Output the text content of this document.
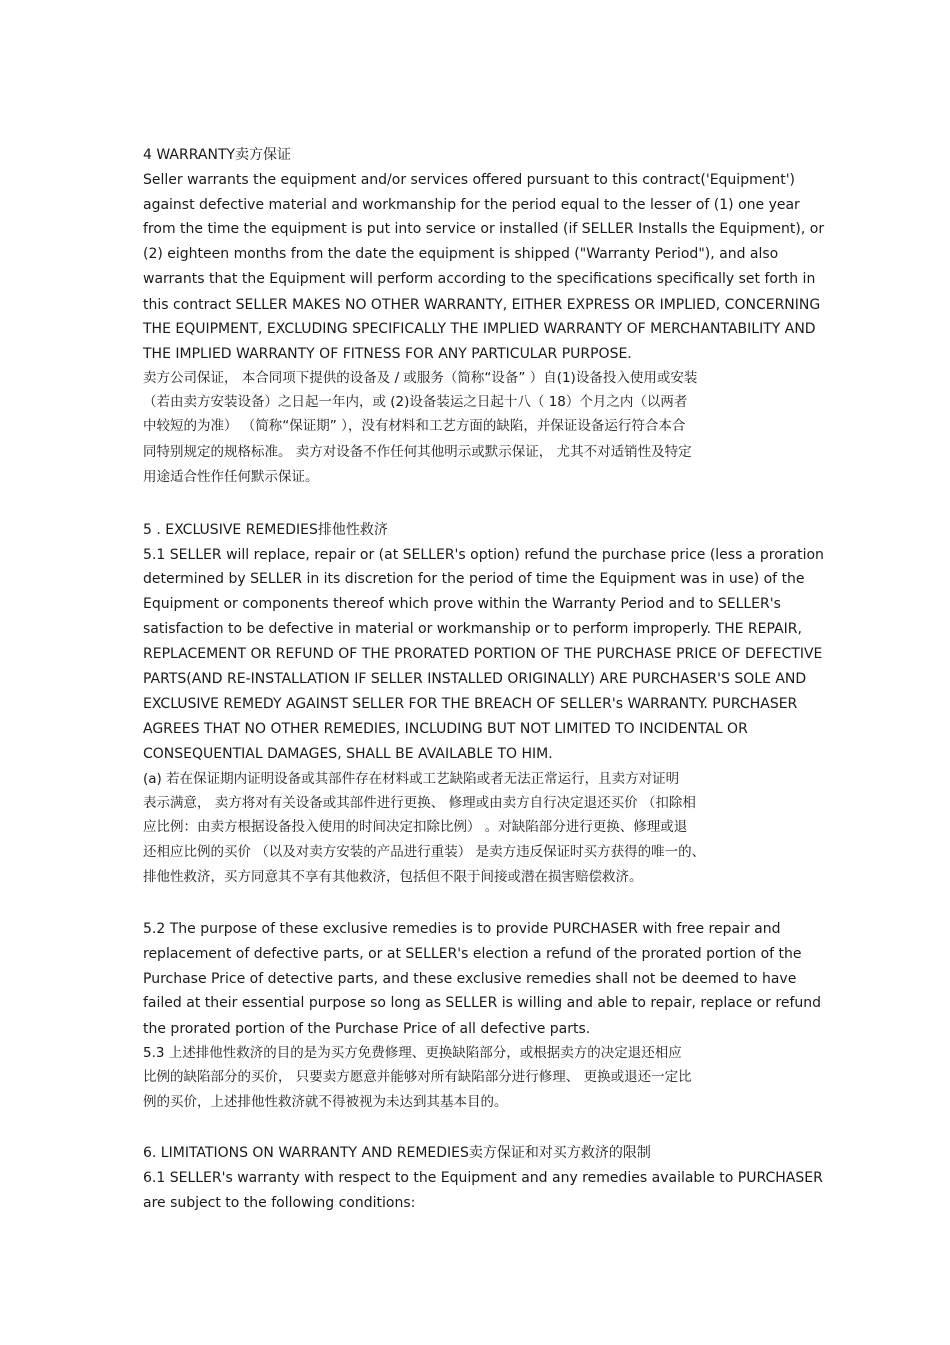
4 WARRANTY卖方保证
Seller warrants the equipment and/or services offered pursuant to this contract('Equipment')
against defective material and workmanship for the period equal to the lesser of (1) one year
from the time the equipment is put into service or installed (if SELLER Installs the Equipment), or
(2) eighteen months from the date the equipment is shipped ("Warranty Period"), and also
warrants that the Equipment will perform according to the specifications specifically set forth in
this contract SELLER MAKES NO OTHER WARRANTY, EITHER EXPRESS OR IMPLIED, CONCERNING
THE EQUIPMENT, EXCLUDING SPECIFICALLY THE IMPLIED WARRANTY OF MERCHANTABILITY AND
THE IMPLIED WARRANTY OF FITNESS FOR ANY PARTICULAR PURPOSE.
卖方公司保证， 本合同项下提供的设备及 / 或服务（简称“设备” ）自(1)设备投入使用或安装
（若由卖方安装设备）之日起一年内，或 (2)设备装运之日起十八（ 18）个月之内（以两者
中较短的为准） （简称“保证期” ），没有材料和工艺方面的缺陷，并保证设备运行符合本合
同特别规定的规格标准。 卖方对设备不作任何其他明示或默示保证， 尤其不对适销性及特定
用途适合性作任何默示保证。
5 . EXCLUSIVE REMEDIES排他性救济
5.1 SELLER will replace, repair or (at SELLER's option) refund the purchase price (less a proration
determined by SELLER in its discretion for the period of time the Equipment was in use) of the
Equipment or components thereof which prove within the Warranty Period and to SELLER's
satisfaction to be defective in material or workmanship or to perform improperly. THE REPAIR,
REPLACEMENT OR REFUND OF THE PRORATED PORTION OF THE PURCHASE PRICE OF DEFECTIVE
PARTS(AND RE-INSTALLATION IF SELLER INSTALLED ORIGINALLY) ARE PURCHASER'S SOLE AND
EXCLUSIVE REMEDY AGAINST SELLER FOR THE BREACH OF SELLER's WARRANTY. PURCHASER
AGREES THAT NO OTHER REMEDIES, INCLUDING BUT NOT LIMITED TO INCIDENTAL OR
CONSEQUENTIAL DAMAGES, SHALL BE AVAILABLE TO HIM.
(a) 若在保证期内证明设备或其部件存在材料或工艺缺陷或者无法正常运行，且卖方对证明
表示满意， 卖方将对有关设备或其部件进行更换、 修理或由卖方自行决定退还买价 （扣除相
应比例：由卖方根据设备投入使用的时间决定扣除比例） 。对缺陷部分进行更换、修理或退
还相应比例的买价 （以及对卖方安装的产品进行重装） 是卖方违反保证时买方获得的唯一的、
排他性救济，买方同意其不享有其他救济，包括但不限于间接或潜在损害赔偿救济。
5.2 The purpose of these exclusive remedies is to provide PURCHASER with free repair and
replacement of defective parts, or at SELLER's election a refund of the prorated portion of the
Purchase Price of detective parts, and these exclusive remedies shall not be deemed to have
failed at their essential purpose so long as SELLER is willing and able to repair, replace or refund
the prorated portion of the Purchase Price of all defective parts.
5.3 上述排他性救济的目的是为买方免费修理、更换缺陷部分，或根据卖方的决定退还相应
比例的缺陷部分的买价， 只要卖方愿意并能够对所有缺陷部分进行修理、 更换或退还一定比
例的买价，上述排他性救济就不得被视为未达到其基本目的。
6. LIMITATIONS ON WARRANTY AND REMEDIES卖方保证和对买方救济的限制
6.1 SELLER's warranty with respect to the Equipment and any remedies available to PURCHASER
are subject to the following conditions:
